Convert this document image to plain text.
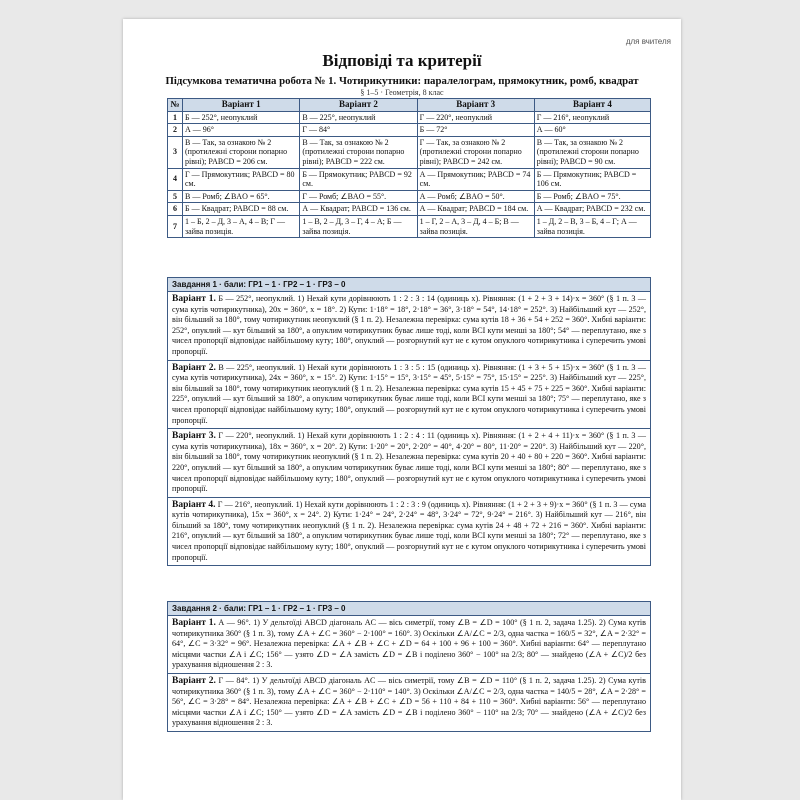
для вчителя
Відповіді та критерії
Підсумкова тематична робота № 1. Чотирикутники: паралелограм, прямокутник, ромб, квадрат
§ 1–5 · Геометрія, 8 клас
№	Варіант 1	Варіант 2	Варіант 3	Варіант 4
1	Б — 252°, неопуклий	В — 225°, неопуклий	Г — 220°, неопуклий	Г — 216°, неопуклий
2	А — 96°	Г — 84°	Б — 72°	А — 60°
3	В — Так, за ознакою № 2 (протилежні сторони попарно рівні); PABCD = 206 см.	В — Так, за ознакою № 2 (протилежні сторони попарно рівні); PABCD = 222 см.	Г — Так, за ознакою № 2 (протилежні сторони попарно рівні); PABCD = 242 см.	В — Так, за ознакою № 2 (протилежні сторони попарно рівні); PABCD = 90 см.
4	Г — Прямокутник; PABCD = 80 см.	Б — Прямокутник; PABCD = 92 см.	А — Прямокутник; PABCD = 74 см.	Б — Прямокутник; PABCD = 106 см.
5	В — Ромб; ∠BAO = 65°.	Г — Ромб; ∠BAO = 55°.	А — Ромб; ∠BAO = 50°.	Б — Ромб; ∠BAO = 75°.
6	Б — Квадрат; PABCD = 88 см.	А — Квадрат; PABCD = 136 см.	А — Квадрат; PABCD = 184 см.	А — Квадрат; PABCD = 232 см.
7	1 – Б, 2 – Д, 3 – А, 4 – В; Г — зайва позиція.	1 – В, 2 – Д, 3 – Г, 4 – А; Б — зайва позиція.	1 – Г, 2 – А, 3 – Д, 4 – Б; В — зайва позиція.	1 – Д, 2 – В, 3 – Б, 4 – Г; А — зайва позиція.
Завдання 1 · бали: ГР1 – 1 · ГР2 – 1 · ГР3 – 0
Варіант 1. Б — 252°, неопуклий. 1) Нехай кути дорівнюють 1 : 2 : 3 : 14 (одиниць x). Рівняння: (1 + 2 + 3 + 14)·x = 360° (§ 1 п. 3 — сума кутів чотирикутника), 20x = 360°, x = 18°. 2) Кути: 1·18° = 18°, 2·18° = 36°, 3·18° = 54°, 14·18° = 252°. 3) Найбільший кут — 252°, він більший за 180°, тому чотирикутник неопуклий (§ 1 п. 2). Незалежна перевірка: сума кутів 18 + 36 + 54 + 252 = 360°. Хибні варіанти: 252°, опуклий — кут більший за 180°, а опуклим чотирикутник буває лише тоді, коли ВСІ кути менші за 180°; 54° — переплутано, яке з чисел пропорції відповідає найбільшому куту; 180°, опуклий — розгорнутий кут не є кутом опуклого чотирикутника і суперечить умові пропорції.
Варіант 2. В — 225°, неопуклий. 1) Нехай кути дорівнюють 1 : 3 : 5 : 15 (одиниць x). Рівняння: (1 + 3 + 5 + 15)·x = 360° (§ 1 п. 3 — сума кутів чотирикутника), 24x = 360°, x = 15°. 2) Кути: 1·15° = 15°, 3·15° = 45°, 5·15° = 75°, 15·15° = 225°. 3) Найбільший кут — 225°, він більший за 180°, тому чотирикутник неопуклий (§ 1 п. 2). Незалежна перевірка: сума кутів 15 + 45 + 75 + 225 = 360°. Хибні варіанти: 225°, опуклий — кут більший за 180°, а опуклим чотирикутник буває лише тоді, коли ВСІ кути менші за 180°; 75° — переплутано, яке з чисел пропорції відповідає найбільшому куту; 180°, опуклий — розгорнутий кут не є кутом опуклого чотирикутника і суперечить умові пропорції.
Варіант 3. Г — 220°, неопуклий. 1) Нехай кути дорівнюють 1 : 2 : 4 : 11 (одиниць x). Рівняння: (1 + 2 + 4 + 11)·x = 360° (§ 1 п. 3 — сума кутів чотирикутника), 18x = 360°, x = 20°. 2) Кути: 1·20° = 20°, 2·20° = 40°, 4·20° = 80°, 11·20° = 220°. 3) Найбільший кут — 220°, він більший за 180°, тому чотирикутник неопуклий (§ 1 п. 2). Незалежна перевірка: сума кутів 20 + 40 + 80 + 220 = 360°. Хибні варіанти: 220°, опуклий — кут більший за 180°, а опуклим чотирикутник буває лише тоді, коли ВСІ кути менші за 180°; 80° — переплутано, яке з чисел пропорції відповідає найбільшому куту; 180°, опуклий — розгорнутий кут не є кутом опуклого чотирикутника і суперечить умові пропорції.
Варіант 4. Г — 216°, неопуклий. 1) Нехай кути дорівнюють 1 : 2 : 3 : 9 (одиниць x). Рівняння: (1 + 2 + 3 + 9)·x = 360° (§ 1 п. 3 — сума кутів чотирикутника), 15x = 360°, x = 24°. 2) Кути: 1·24° = 24°, 2·24° = 48°, 3·24° = 72°, 9·24° = 216°. 3) Найбільший кут — 216°, він більший за 180°, тому чотирикутник неопуклий (§ 1 п. 2). Незалежна перевірка: сума кутів 24 + 48 + 72 + 216 = 360°. Хибні варіанти: 216°, опуклий — кут більший за 180°, а опуклим чотирикутник буває лише тоді, коли ВСІ кути менші за 180°; 72° — переплутано, яке з чисел пропорції відповідає найбільшому куту; 180°, опуклий — розгорнутий кут не є кутом опуклого чотирикутника і суперечить умові пропорції.
Завдання 2 · бали: ГР1 – 1 · ГР2 – 1 · ГР3 – 0
Варіант 1. А — 96°. 1) У дельтоїді ABCD діагональ AC — вісь симетрії, тому ∠B = ∠D = 100° (§ 1 п. 2, задача 1.25). 2) Сума кутів чотирикутника 360° (§ 1 п. 3), тому ∠A + ∠C = 360° − 2·100° = 160°. 3) Оскільки ∠A/∠C = 2/3, одна частка = 160/5 = 32°, ∠A = 2·32° = 64°, ∠C = 3·32° = 96°. Незалежна перевірка: ∠A + ∠B + ∠C + ∠D = 64 + 100 + 96 + 100 = 360°. Хибні варіанти: 64° — переплутано місцями частки ∠A і ∠C; 156° — узято ∠D = ∠A замість ∠D = ∠B і поділено 360° − 100° на 2/3; 80° — знайдено (∠A + ∠C)/2 без урахування відношення 2 : 3.
Варіант 2. Г — 84°. 1) У дельтоїді ABCD діагональ AC — вісь симетрії, тому ∠B = ∠D = 110° (§ 1 п. 2, задача 1.25). 2) Сума кутів чотирикутника 360° (§ 1 п. 3), тому ∠A + ∠C = 360° − 2·110° = 140°. 3) Оскільки ∠A/∠C = 2/3, одна частка = 140/5 = 28°, ∠A = 2·28° = 56°, ∠C = 3·28° = 84°. Незалежна перевірка: ∠A + ∠B + ∠C + ∠D = 56 + 110 + 84 + 110 = 360°. Хибні варіанти: 56° — переплутано місцями частки ∠A і ∠C; 150° — узято ∠D = ∠A замість ∠D = ∠B і поділено 360° − 110° на 2/3; 70° — знайдено (∠A + ∠C)/2 без урахування відношення 2 : 3.
